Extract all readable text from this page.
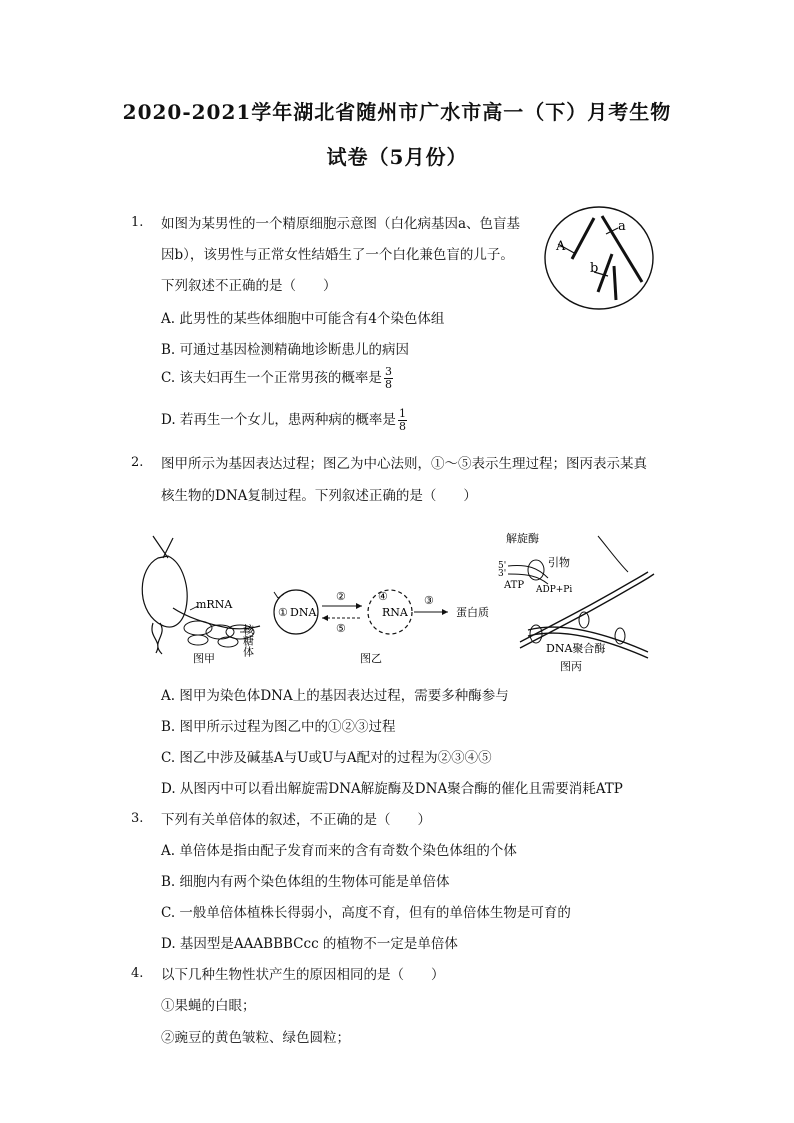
2020-2021学年湖北省随州市广水市高一（下）月考生物
试卷（5月份）
1. 如图为某男性的一个精原细胞示意图（白化病基因a、色盲基
因b），该男性与正常女性结婚生了一个白化兼色盲的儿子。
下列叙述不正确的是（　　）
A. 此男性的某些体细胞中可能含有4个染色体组
B. 可通过基因检测精确地诊断患儿的病因
C. 该夫妇再生一个正常男孩的概率是 $\frac{3}{8}$
D. 若再生一个女儿，患两种病的概率是 $\frac{1}{8}$
A
a
b
2. 图甲所示为基因表达过程；图乙为中心法则，①～⑤表示生理过程；图丙表示某真
核生物的DNA复制过程。下列叙述正确的是（　　）
mRNA
核糖体
图甲
① DNA
②
⑤
④
RNA
③
蛋白质
图乙
解旋酶
5'
3'
引物
ATP ADP+Pi
DNA聚合酶
图丙
A. 图甲为染色体DNA上的基因表达过程，需要多种酶参与
B. 图甲所示过程为图乙中的①②③过程
C. 图乙中涉及碱基A与U或U与A配对的过程为②③④⑤
D. 从图丙中可以看出解旋需DNA解旋酶及DNA聚合酶的催化且需要消耗ATP
3. 下列有关单倍体的叙述，不正确的是（　　）
A. 单倍体是指由配子发育而来的含有奇数个染色体组的个体
B. 细胞内有两个染色体组的生物体可能是单倍体
C. 一般单倍体植株长得弱小，高度不育，但有的单倍体生物是可育的
D. 基因型是AAABBBCcc 的植物不一定是单倍体
4. 以下几种生物性状产生的原因相同的是（　　）
①果蝇的白眼；
②豌豆的黄色皱粒、绿色圆粒；
